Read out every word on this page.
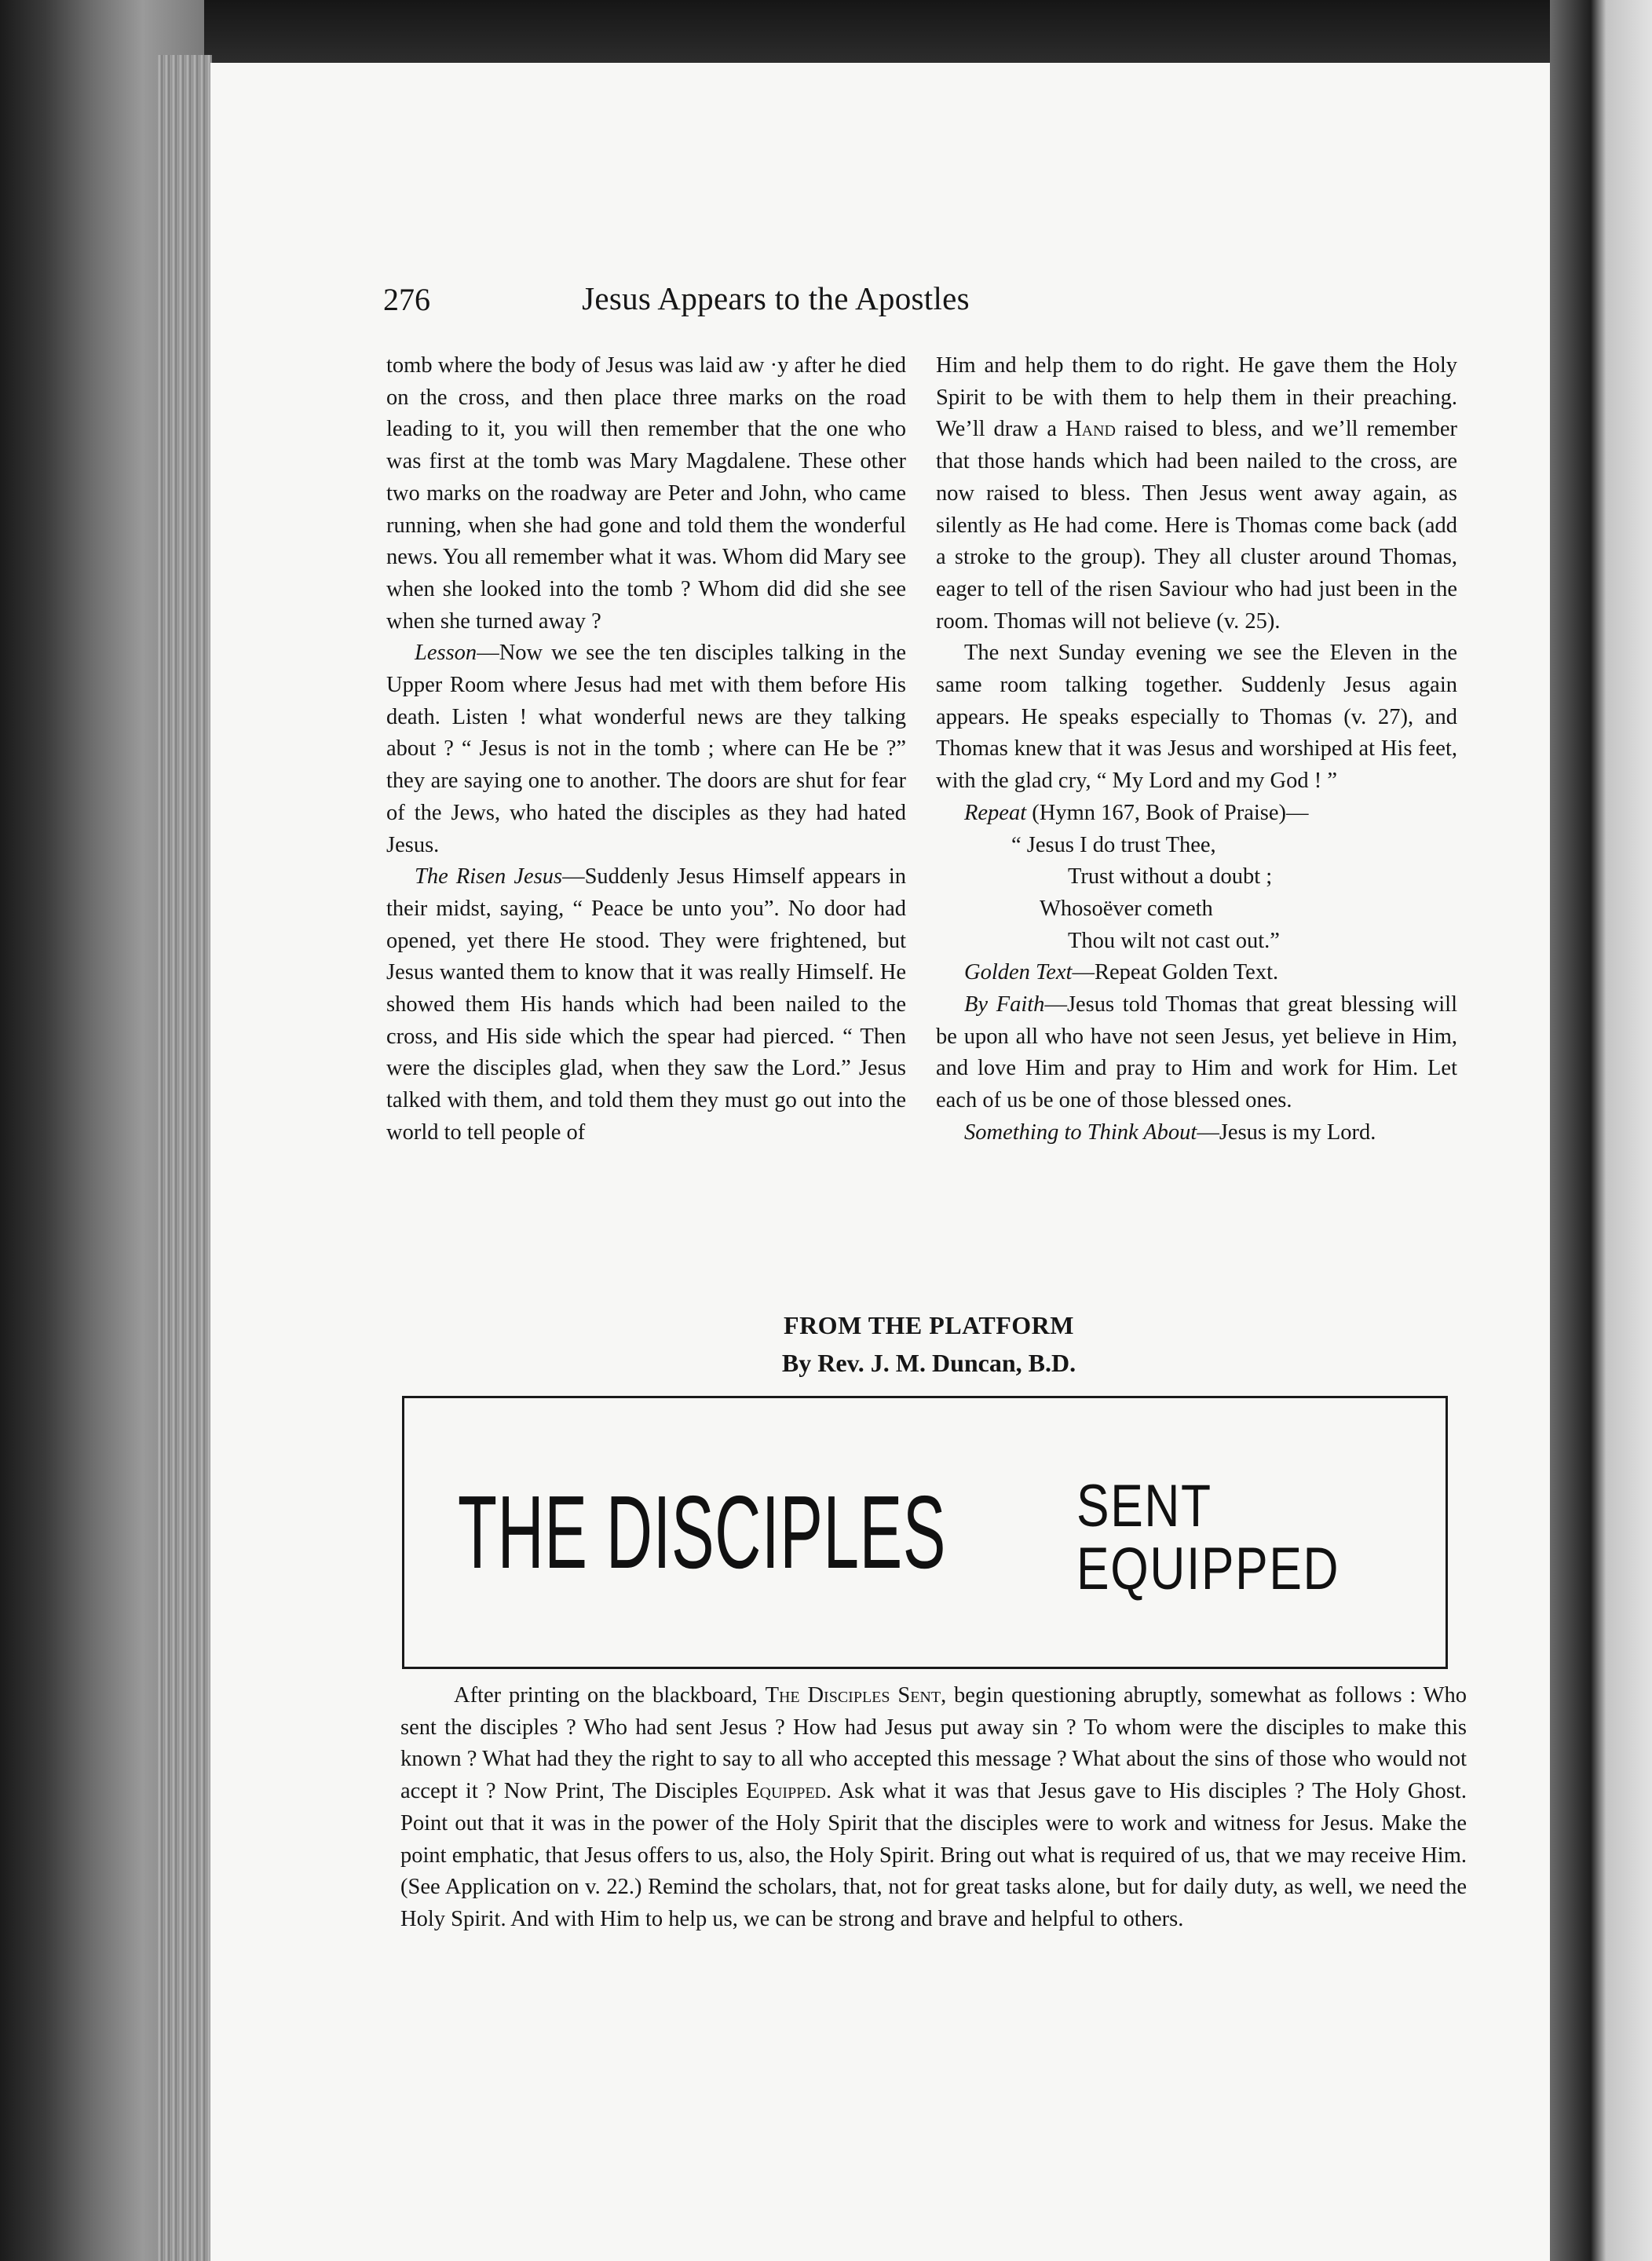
276	Jesus Appears to the Apostles

tomb where the body of Jesus was laid aw ·y after he died on the cross, and then place three marks on the road leading to it, you will then remember that the one who was first at the tomb was Mary Magdalene. These other two marks on the roadway are Peter and John, who came running, when she had gone and told them the wonderful news. You all remember what it was. Whom did Mary see when she looked into the tomb ? Whom did did she see when she turned away ?

Lesson—Now we see the ten disciples talking in the Upper Room where Jesus had met with them before His death. Listen ! what wonderful news are they talking about ? “ Jesus is not in the tomb ; where can He be ?” they are saying one to another. The doors are shut for fear of the Jews, who hated the disciples as they had hated Jesus.

The Risen Jesus—Suddenly Jesus Himself appears in their midst, saying, “ Peace be unto you”. No door had opened, yet there He stood. They were frightened, but Jesus wanted them to know that it was really Himself. He showed them His hands which had been nailed to the cross, and His side which the spear had pierced. “ Then were the disciples glad, when they saw the Lord.” Jesus talked with them, and told them they must go out into the world to tell people of

Him and help them to do right. He gave them the Holy Spirit to be with them to help them in their preaching. We’ll draw a Hand raised to bless, and we’ll remember that those hands which had been nailed to the cross, are now raised to bless. Then Jesus went away again, as silently as He had come. Here is Thomas come back (add a stroke to the group). They all cluster around Thomas, eager to tell of the risen Saviour who had just been in the room. Thomas will not believe (v. 25).

The next Sunday evening we see the Eleven in the same room talking together. Suddenly Jesus again appears. He speaks especially to Thomas (v. 27), and Thomas knew that it was Jesus and worshiped at His feet, with the glad cry, “ My Lord and my God ! ”

Repeat (Hymn 167, Book of Praise)—

“ Jesus I do trust Thee,
Trust without a doubt ;
Whosoëver cometh
Thou wilt not cast out.”

Golden Text—Repeat Golden Text.

By Faith—Jesus told Thomas that great blessing will be upon all who have not seen Jesus, yet believe in Him, and love Him and pray to Him and work for Him. Let each of us be one of those blessed ones.

Something to Think About—Jesus is my Lord.

FROM THE PLATFORM
By Rev. J. M. Duncan, B.D.
THE DISCIPLES SENT
EQUIPPED

After printing on the blackboard, The Disciples Sent, begin questioning abruptly, somewhat as follows : Who sent the disciples ? Who had sent Jesus ? How had Jesus put away sin ? To whom were the disciples to make this known ? What had they the right to say to all who accepted this message ? What about the sins of those who would not accept it ? Now Print, The Disciples Equipped. Ask what it was that Jesus gave to His disciples ? The Holy Ghost. Point out that it was in the power of the Holy Spirit that the disciples were to work and witness for Jesus. Make the point emphatic, that Jesus offers to us, also, the Holy Spirit. Bring out what is required of us, that we may receive Him. (See Application on v. 22.) Remind the scholars, that, not for great tasks alone, but for daily duty, as well, we need the Holy Spirit. And with Him to help us, we can be strong and brave and helpful to others.
